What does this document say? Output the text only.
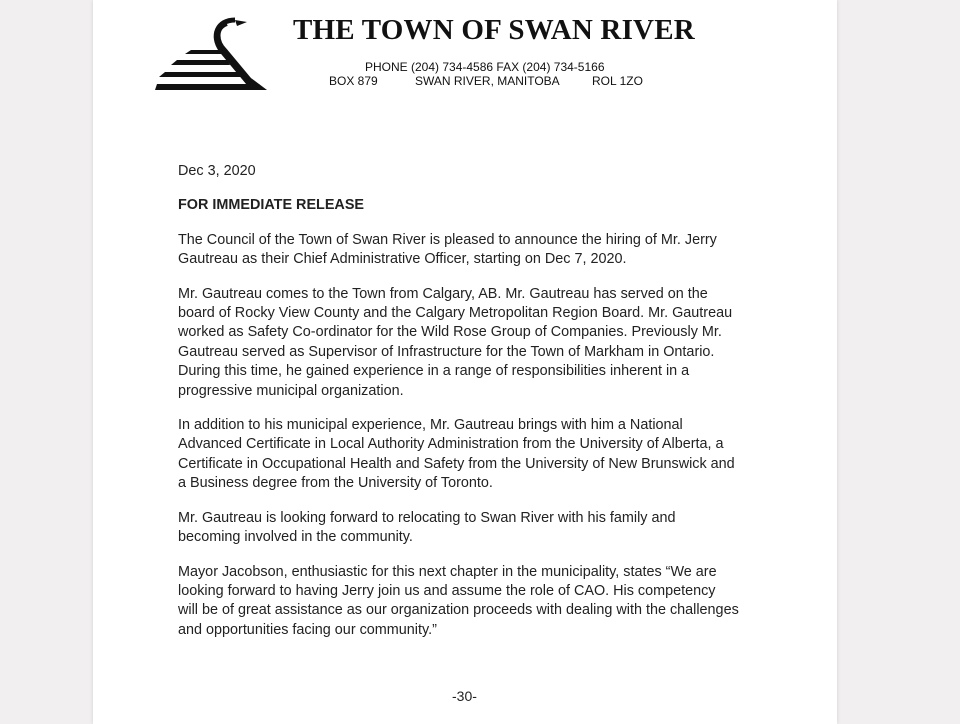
THE TOWN OF SWAN RIVER
PHONE (204) 734-4586 FAX (204) 734-5166
BOX 879	SWAN RIVER, MANITOBA	ROL 1ZO

Dec 3, 2020

FOR IMMEDIATE RELEASE

The Council of the Town of Swan River is pleased to announce the hiring of Mr. Jerry
Gautreau as their Chief Administrative Officer, starting on Dec 7, 2020.

Mr. Gautreau comes to the Town from Calgary, AB. Mr. Gautreau has served on the
board of Rocky View County and the Calgary Metropolitan Region Board. Mr. Gautreau
worked as Safety Co-ordinator for the Wild Rose Group of Companies. Previously Mr.
Gautreau served as Supervisor of Infrastructure for the Town of Markham in Ontario.
During this time, he gained experience in a range of responsibilities inherent in a
progressive municipal organization.

In addition to his municipal experience, Mr. Gautreau brings with him a National
Advanced Certificate in Local Authority Administration from the University of Alberta, a
Certificate in Occupational Health and Safety from the University of New Brunswick and
a Business degree from the University of Toronto.

Mr. Gautreau is looking forward to relocating to Swan River with his family and
becoming involved in the community.

Mayor Jacobson, enthusiastic for this next chapter in the municipality, states “We are
looking forward to having Jerry join us and assume the role of CAO. His competency
will be of great assistance as our organization proceeds with dealing with the challenges
and opportunities facing our community.”

-30-
